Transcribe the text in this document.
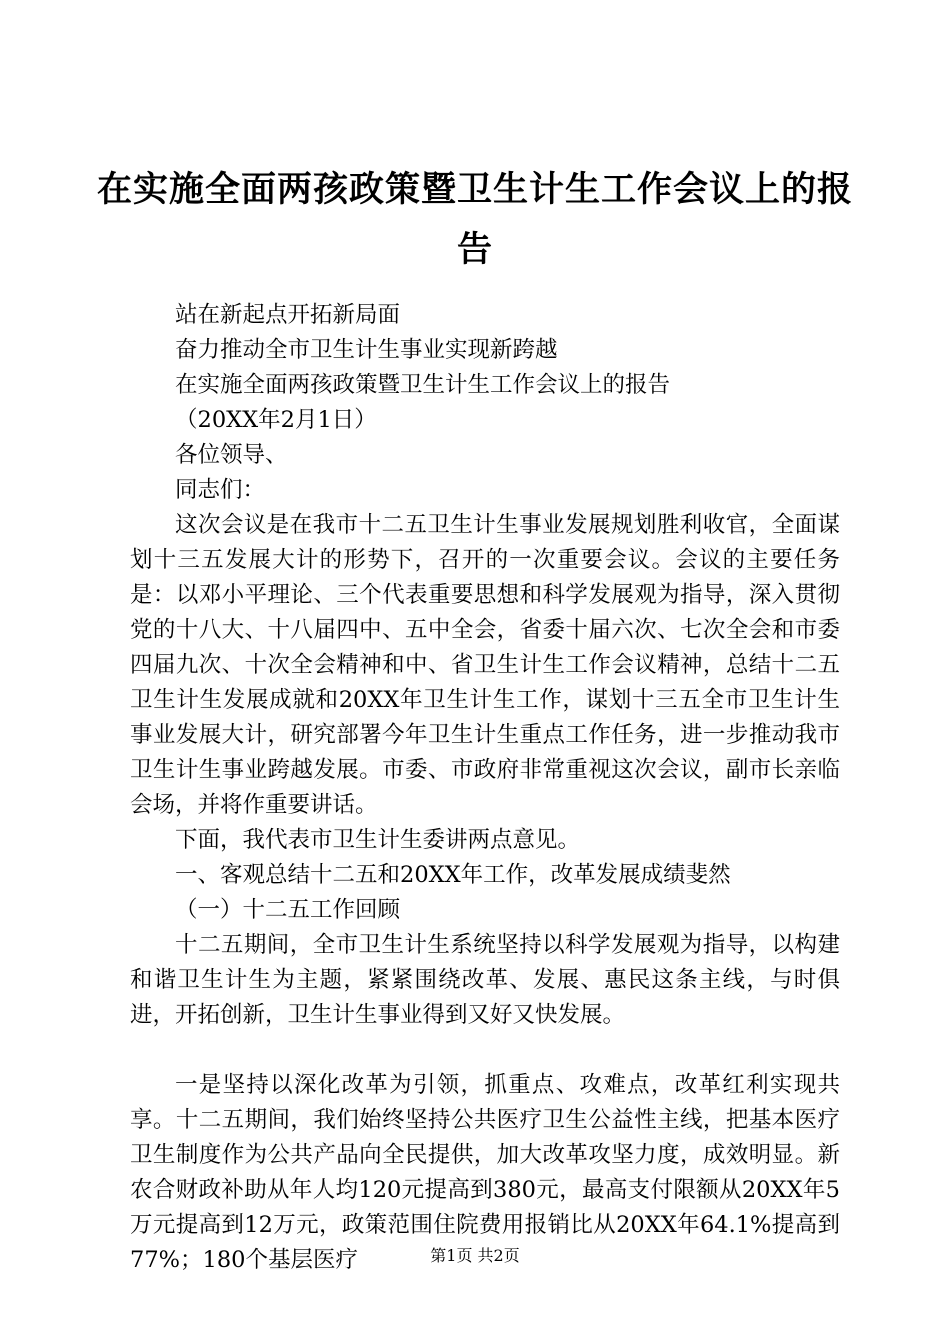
在实施全面两孩政策暨卫生计生工作会议上的报告

站在新起点开拓新局面

奋力推动全市卫生计生事业实现新跨越

在实施全面两孩政策暨卫生计生工作会议上的报告

（20XX年2月1日）

各位领导、

同志们：

这次会议是在我市十二五卫生计生事业发展规划胜利收官，全面谋划十三五发展大计的形势下，召开的一次重要会议。会议的主要任务是：以邓小平理论、三个代表重要思想和科学发展观为指导，深入贯彻党的十八大、十八届四中、五中全会，省委十届六次、七次全会和市委四届九次、十次全会精神和中、省卫生计生工作会议精神，总结十二五卫生计生发展成就和20XX年卫生计生工作，谋划十三五全市卫生计生事业发展大计，研究部署今年卫生计生重点工作任务，进一步推动我市卫生计生事业跨越发展。市委、市政府非常重视这次会议，副市长亲临会场，并将作重要讲话。

下面，我代表市卫生计生委讲两点意见。

一、客观总结十二五和20XX年工作，改革发展成绩斐然

（一）十二五工作回顾

十二五期间，全市卫生计生系统坚持以科学发展观为指导，以构建和谐卫生计生为主题，紧紧围绕改革、发展、惠民这条主线，与时俱进，开拓创新，卫生计生事业得到又好又快发展。

一是坚持以深化改革为引领，抓重点、攻难点，改革红利实现共享。十二五期间，我们始终坚持公共医疗卫生公益性主线，把基本医疗卫生制度作为公共产品向全民提供，加大改革攻坚力度，成效明显。新农合财政补助从年人均120元提高到380元，最高支付限额从20XX年5万元提高到12万元，政策范围住院费用报销比从20XX年64.1%提高到77%；180个基层医疗	第1页 共2页
